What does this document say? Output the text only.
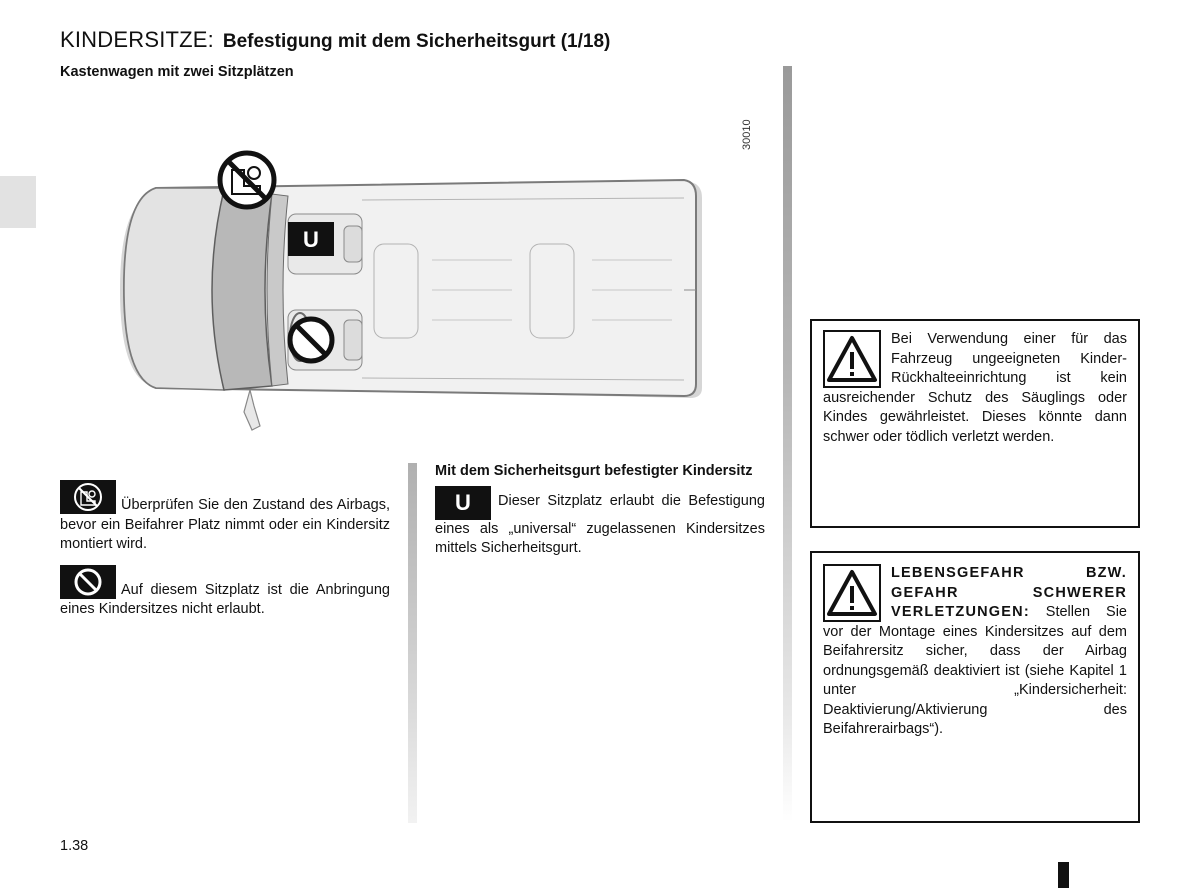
KINDERSITZE: Befestigung mit dem Sicherheitsgurt (1/18)
Kastenwagen mit zwei Sitzplätzen
U
30010

Überprüfen Sie den Zustand des Airbags, bevor ein Beifahrer Platz nimmt oder ein Kindersitz montiert wird.

Auf diesem Sitzplatz ist die Anbringung eines Kindersitzes nicht erlaubt.

Mit dem Sicherheitsgurt befestigter Kindersitz

U Dieser Sitzplatz erlaubt die Befestigung eines als „universal“ zugelassenen Kindersitzes mittels Sicherheitsgurt.

Bei Verwendung einer für das Fahrzeug ungeeigneten Kinder-Rückhalteeinrichtung ist kein ausreichender Schutz des Säuglings oder Kindes gewährleistet. Dieses könnte dann schwer oder tödlich verletzt werden.
LEBENSGEFAHR BZW. GEFAHR SCHWERER VERLETZUNGEN: Stellen Sie vor der Montage eines Kindersitzes auf dem Beifahrersitz sicher, dass der Airbag ordnungsgemäß deaktiviert ist (siehe Kapitel 1 unter „Kindersicherheit: Deaktivierung/Aktivierung des Beifahrerairbags“).
1.38
